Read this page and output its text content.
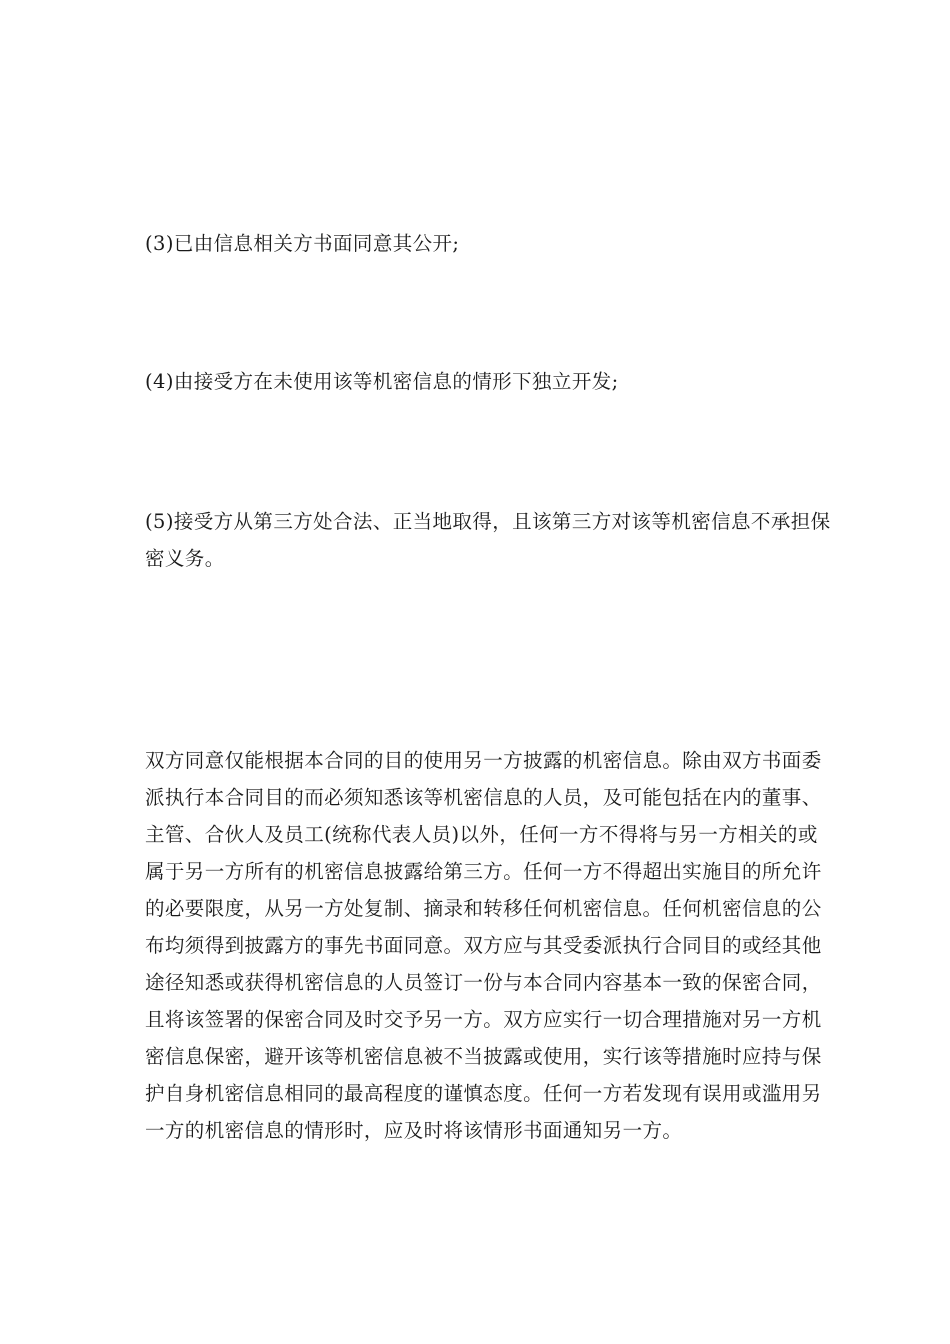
(3)已由信息相关方书面同意其公开;

(4)由接受方在未使用该等机密信息的情形下独立开发;

(5)接受方从第三方处合法、正当地取得，且该第三方对该等机密信息不承担保
密义务。

双方同意仅能根据本合同的目的使用另一方披露的机密信息。除由双方书面委
派执行本合同目的而必须知悉该等机密信息的人员，及可能包括在内的董事、
主管、合伙人及员工(统称代表人员)以外，任何一方不得将与另一方相关的或
属于另一方所有的机密信息披露给第三方。任何一方不得超出实施目的所允许
的必要限度，从另一方处复制、摘录和转移任何机密信息。任何机密信息的公
布均须得到披露方的事先书面同意。双方应与其受委派执行合同目的或经其他
途径知悉或获得机密信息的人员签订一份与本合同内容基本一致的保密合同，
且将该签署的保密合同及时交予另一方。双方应实行一切合理措施对另一方机
密信息保密，避开该等机密信息被不当披露或使用，实行该等措施时应持与保
护自身机密信息相同的最高程度的谨慎态度。任何一方若发现有误用或滥用另
一方的机密信息的情形时，应及时将该情形书面通知另一方。
